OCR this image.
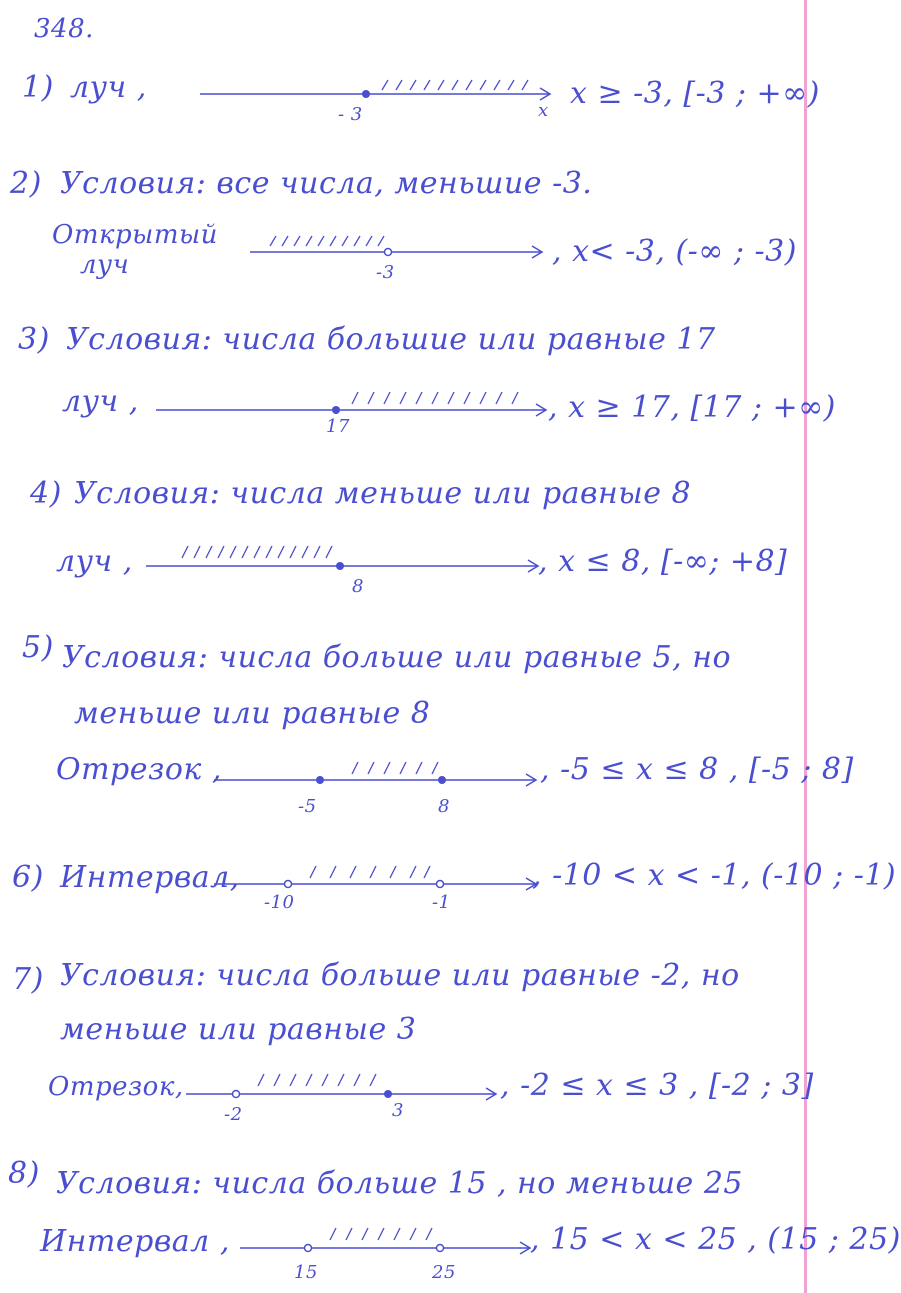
348.
1) луч ,
- 3	x x ≥ -3, [-3 ; +∞)
2) Условия: все числа, меньшие -3.
Открытый
луч	-3
, x< -3, (-∞ ; -3)
3) Условия: числа большие или равные 17
луч ,
17
, x ≥ 17, [17 ; +∞)
4) Условия: числа меньше или равные 8
луч ,
8
, x ≤ 8, [-∞; +8]
5) Условия: числа больше или равные 5, но
меньше или равные 8
Отрезок ,
-5	8
, -5 ≤ x ≤ 8 , [-5 ; 8]
6) Интервал,
-10	-1
, -10 < x < -1, (-10 ; -1)
7) Условия: числа больше или равные -2, но
меньше или равные 3
Отрезок,
-2	3
, -2 ≤ x ≤ 3 , [-2 ; 3]
8) Условия: числа больше 15 , но меньше 25
Интервал ,
15	25
, 15 < x < 25 , (15 ; 25)
